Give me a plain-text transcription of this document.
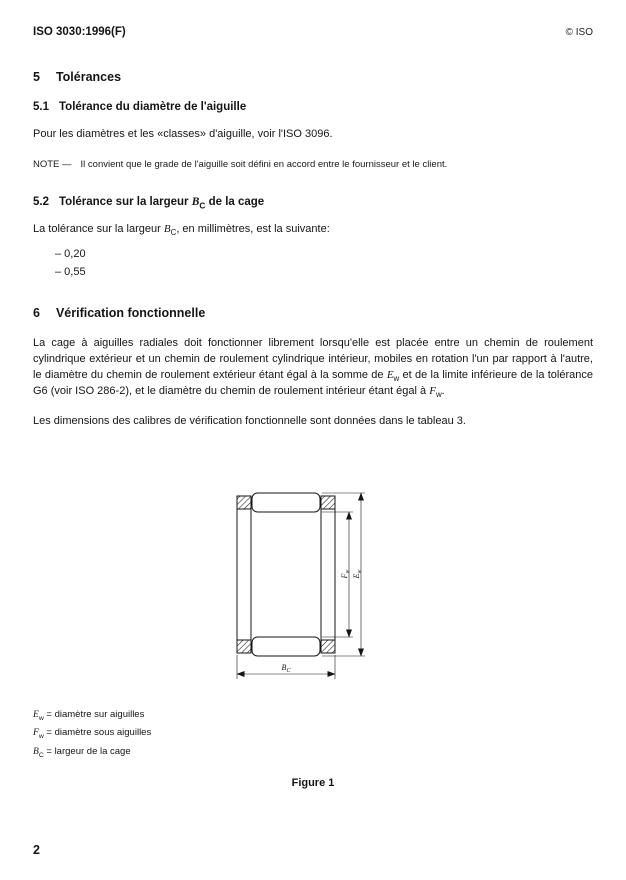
ISO 3030:1996(F)	© ISO
5 Tolérances
5.1 Tolérance du diamètre de l'aiguille

Pour les diamètres et les «classes» d'aiguille, voir l'ISO 3096.

NOTE — Il convient que le grade de l'aiguille soit défini en accord entre le fournisseur et le client.

5.2 Tolérance sur la largeur $B_C$ de la cage

La tolérance sur la largeur $B_C$, en millimètres, est la suivante:

– 0,20

– 0,55

6 Vérification fonctionnelle

La cage à aiguilles radiales doit fonctionner librement lorsqu'elle est placée entre un chemin de roulement cylindrique extérieur et un chemin de roulement cylindrique intérieur, mobiles en rotation l'un par rapport à l'autre, le diamètre du chemin de roulement extérieur étant égal à la somme de $E_w$ et de la limite inférieure de la tolérance G6 (voir ISO 286-2), et le diamètre du chemin de roulement intérieur étant égal à $F_w$.

Les dimensions des calibres de vérification fonctionnelle sont données dans le tableau 3.

$F_w$
$E_w$
$B_C$
$E_w$ = diamètre sur aiguilles
$F_w$ = diamètre sous aiguilles
$B_C$ = largeur de la cage
Figure 1
2
